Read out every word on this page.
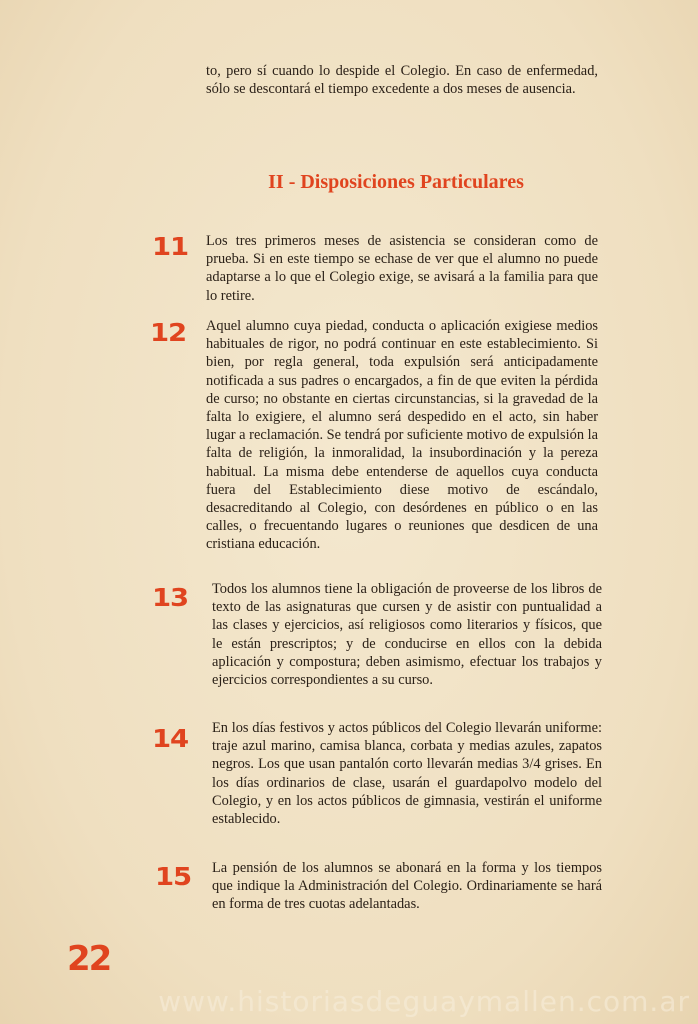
to, pero sí cuando lo despide el Colegio. En caso de enfermedad, sólo se descontará el tiempo excedente a dos meses de ausencia.

II - Disposiciones Particulares
11 Los tres primeros meses de asistencia se consideran como de prueba. Si en este tiempo se echase de ver que el alumno no puede adaptarse a lo que el Colegio exige, se avisará a la familia para que lo retire.

12 Aquel alumno cuya piedad, conducta o aplicación exigiese medios habituales de rigor, no podrá continuar en este establecimiento. Si bien, por regla general, toda expulsión será anticipadamente notificada a sus padres o encargados, a fin de que eviten la pérdida de curso; no obstante en ciertas circunstancias, si la gravedad de la falta lo exigiere, el alumno será despedido en el acto, sin haber lugar a reclamación. Se tendrá por suficiente motivo de expulsión la falta de religión, la inmoralidad, la insubordinación y la pereza habitual. La misma debe entenderse de aquellos cuya conducta fuera del Establecimiento diese motivo de escándalo, desacreditando al Colegio, con desórdenes en público o en las calles, o frecuentando lugares o reuniones que desdicen de una cristiana educación.

13 Todos los alumnos tiene la obligación de proveerse de los libros de texto de las asignaturas que cursen y de asistir con puntualidad a las clases y ejercicios, así religiosos como literarios y físicos, que le están prescriptos; y de conducirse en ellos con la debida aplicación y compostura; deben asimismo, efectuar los trabajos y ejercicios correspondientes a su curso.

14 En los días festivos y actos públicos del Colegio llevarán uniforme: traje azul marino, camisa blanca, corbata y medias azules, zapatos negros. Los que usan pantalón corto llevarán medias 3/4 grises. En los días ordinarios de clase, usarán el guardapolvo modelo del Colegio, y en los actos públicos de gimnasia, vestirán el uniforme establecido.

15 La pensión de los alumnos se abonará en la forma y los tiempos que indique la Administración del Colegio. Ordinariamente se hará en forma de tres cuotas adelantadas.

22
www.historiasdeguaymallen.com.ar
